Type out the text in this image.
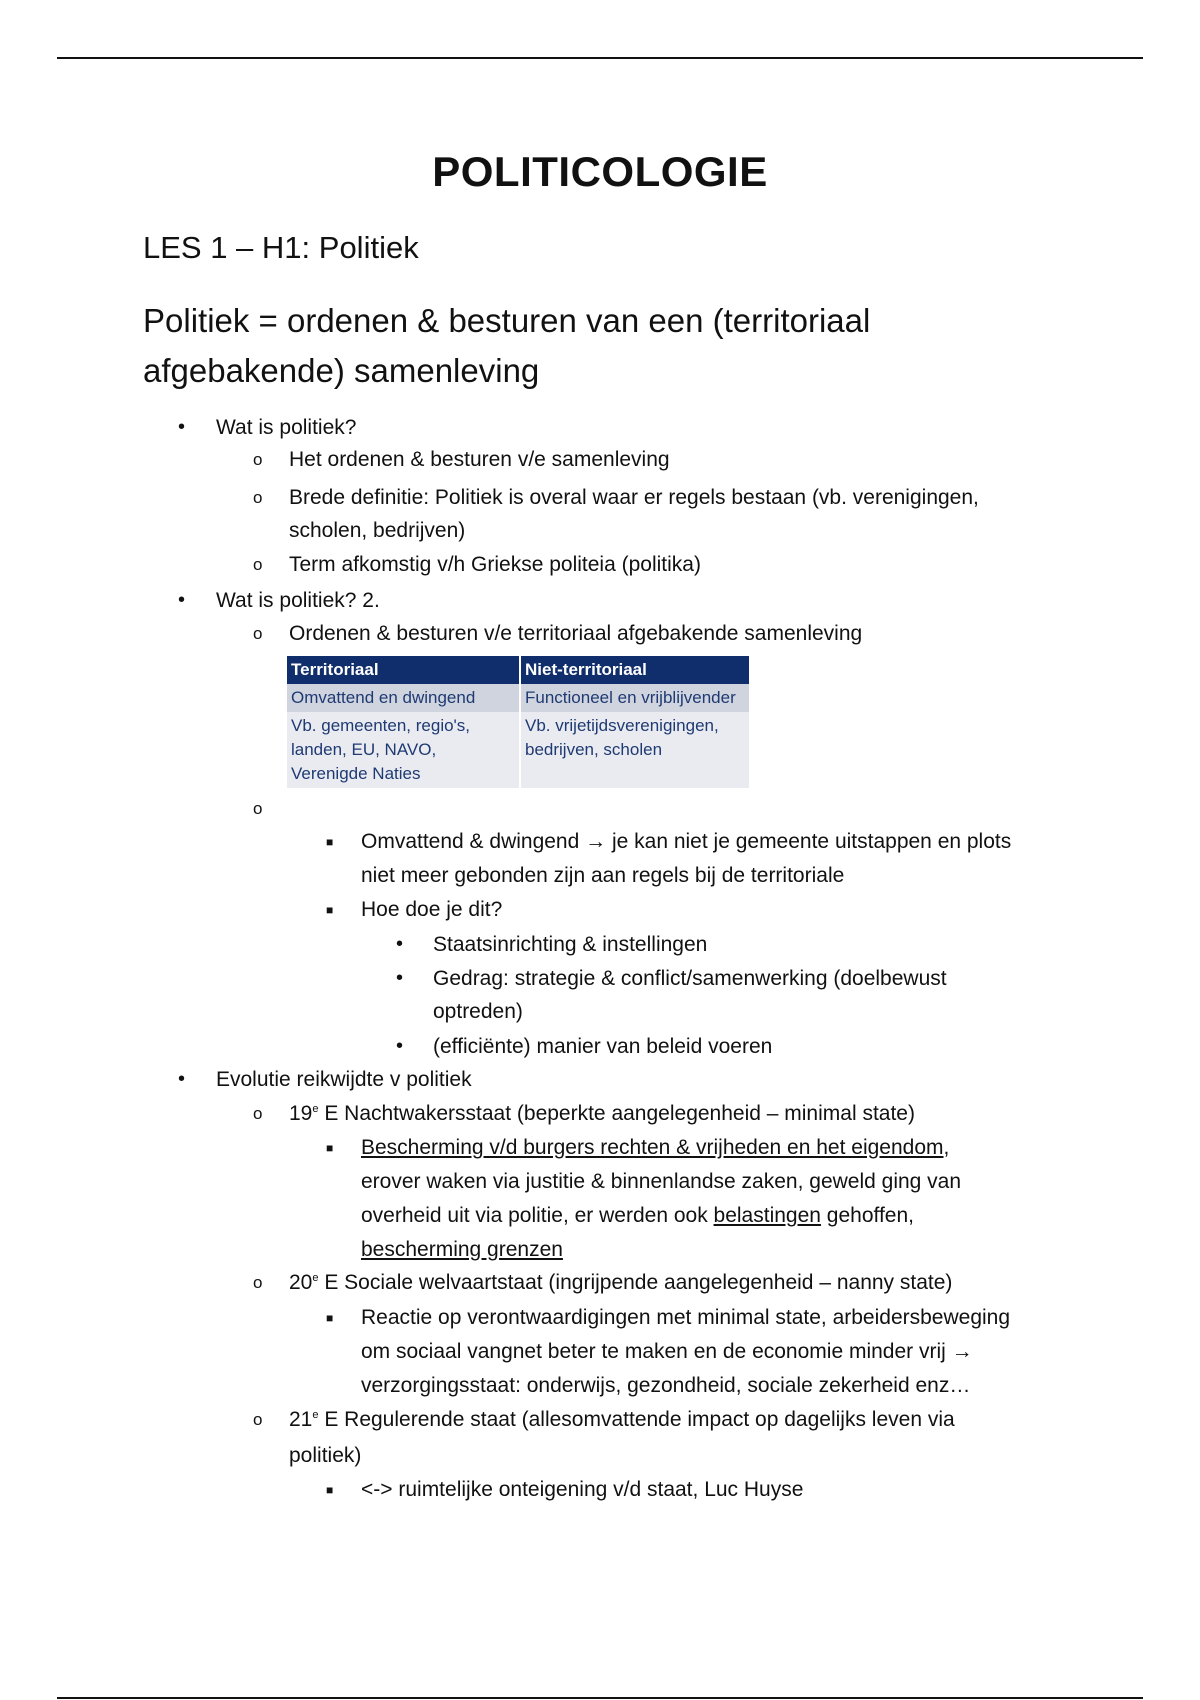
POLITICOLOGIE
LES 1 – H1: Politiek
Politiek = ordenen & besturen van een (territoriaal
afgebakende) samenleving
• Wat is politiek?
o Het ordenen & besturen v/e samenleving
o Brede definitie: Politiek is overal waar er regels bestaan (vb. verenigingen,
scholen, bedrijven)
o Term afkomstig v/h Griekse politeia (politika)
• Wat is politiek? 2.
o Ordenen & besturen v/e territoriaal afgebakende samenleving
o
■ Omvattend & dwingend → je kan niet je gemeente uitstappen en plots
niet meer gebonden zijn aan regels bij de territoriale
■ Hoe doe je dit?
• Staatsinrichting & instellingen
• Gedrag: strategie & conflict/samenwerking (doelbewust
optreden)
• (efficiënte) manier van beleid voeren
• Evolutie reikwijdte v politiek
o 19e E Nachtwakersstaat (beperkte aangelegenheid – minimal state)
■ Bescherming v/d burgers rechten & vrijheden en het eigendom,
erover waken via justitie & binnenlandse zaken, geweld ging van
overheid uit via politie, er werden ook belastingen gehoffen,
bescherming grenzen
o 20e E Sociale welvaartstaat (ingrijpende aangelegenheid – nanny state)
■ Reactie op verontwaardigingen met minimal state, arbeidersbeweging
om sociaal vangnet beter te maken en de economie minder vrij →
verzorgingsstaat: onderwijs, gezondheid, sociale zekerheid enz…
o 21e E Regulerende staat (allesomvattende impact op dagelijks leven via
politiek)
■ <-> ruimtelijke onteigening v/d staat, Luc Huyse
Territoriaal	Niet-territoriaal
Omvattend en dwingend	Functioneel en vrijblijvender
Vb. gemeenten, regio's, landen, EU, NAVO, Verenigde Naties	Vb. vrijetijdsverenigingen, bedrijven, scholen
